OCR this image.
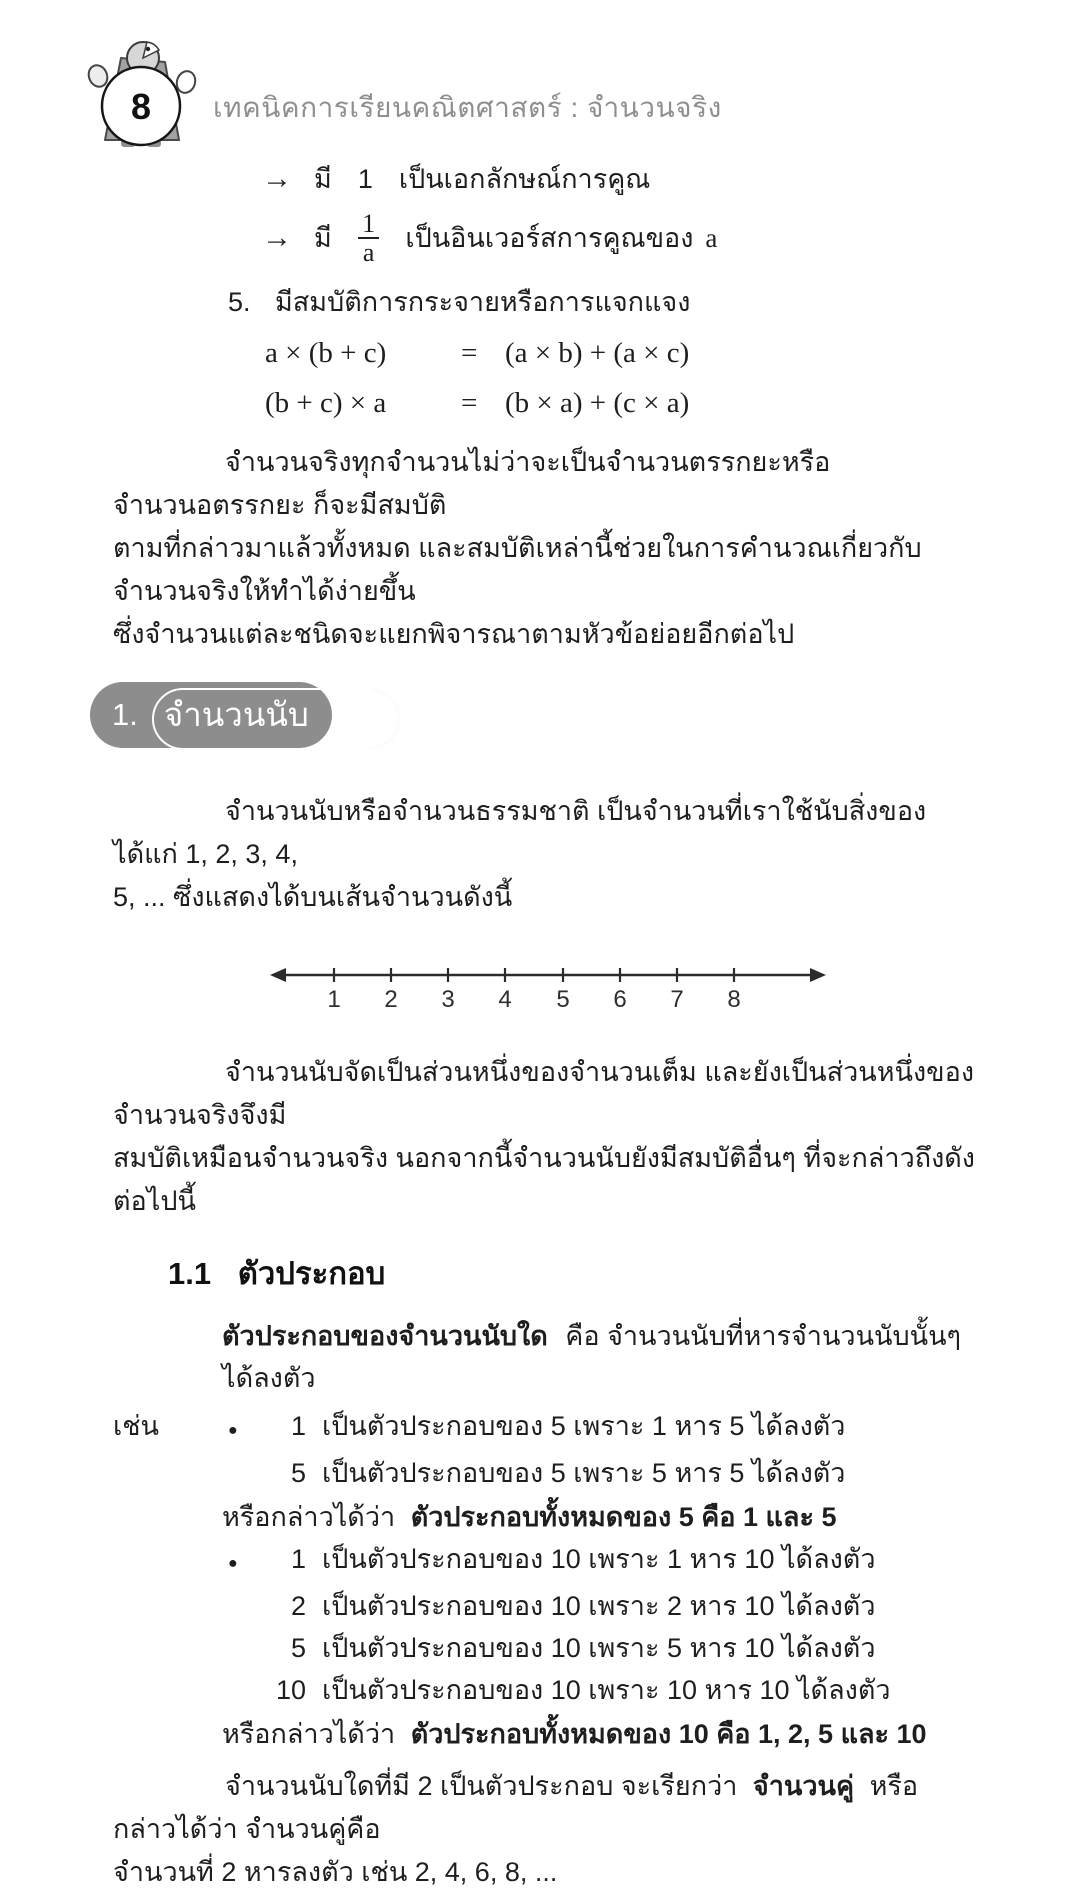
8 เทคนิคการเรียนคณิตศาสตร์ : จำนวนจริง
→ มี 1 เป็นเอกลักษณ์การคูณ
→ มี $\frac{1}{a}$ เป็นอินเวอร์สการคูณของ a
5. มีสมบัติการกระจายหรือการแจกแจง
a × (b + c)	= (a × b) + (a × c)
(b + c) × a	= (b × a) + (c × a)
จำนวนจริงทุกจำนวนไม่ว่าจะเป็นจำนวนตรรกยะหรือจำนวนอตรรกยะ ก็จะมีสมบัติ
ตามที่กล่าวมาแล้วทั้งหมด และสมบัติเหล่านี้ช่วยในการคำนวณเกี่ยวกับจำนวนจริงให้ทำได้ง่ายขึ้น
ซึ่งจำนวนแต่ละชนิดจะแยกพิจารณาตามหัวข้อย่อยอีกต่อไป
1. จำนวนนับ
จำนวนนับหรือจำนวนธรรมชาติ เป็นจำนวนที่เราใช้นับสิ่งของ ได้แก่ 1, 2, 3, 4,
5, ... ซึ่งแสดงได้บนเส้นจำนวนดังนี้
1 2 3 4 5 6 7 8
จำนวนนับจัดเป็นส่วนหนึ่งของจำนวนเต็ม และยังเป็นส่วนหนึ่งของจำนวนจริงจึงมี
สมบัติเหมือนจำนวนจริง นอกจากนี้จำนวนนับยังมีสมบัติอื่นๆ ที่จะกล่าวถึงดังต่อไปนี้
1.1 ตัวประกอบ
ตัวประกอบของจำนวนนับใด คือ จำนวนนับที่หารจำนวนนับนั้นๆ ได้ลงตัว
เช่น	●	1 เป็นตัวประกอบของ 5 เพราะ 1 หาร 5 ได้ลงตัว
5 เป็นตัวประกอบของ 5 เพราะ 5 หาร 5 ได้ลงตัว
หรือกล่าวได้ว่า ตัวประกอบทั้งหมดของ 5 คือ 1 และ 5
●	1 เป็นตัวประกอบของ 10 เพราะ 1 หาร 10 ได้ลงตัว
2 เป็นตัวประกอบของ 10 เพราะ 2 หาร 10 ได้ลงตัว
5 เป็นตัวประกอบของ 10 เพราะ 5 หาร 10 ได้ลงตัว
10 เป็นตัวประกอบของ 10 เพราะ 10 หาร 10 ได้ลงตัว
หรือกล่าวได้ว่า ตัวประกอบทั้งหมดของ 10 คือ 1, 2, 5 และ 10
จำนวนนับใดที่มี 2 เป็นตัวประกอบ จะเรียกว่า จำนวนคู่ หรือกล่าวได้ว่า จำนวนคู่คือ
จำนวนที่ 2 หารลงตัว เช่น 2, 4, 6, 8, ...
